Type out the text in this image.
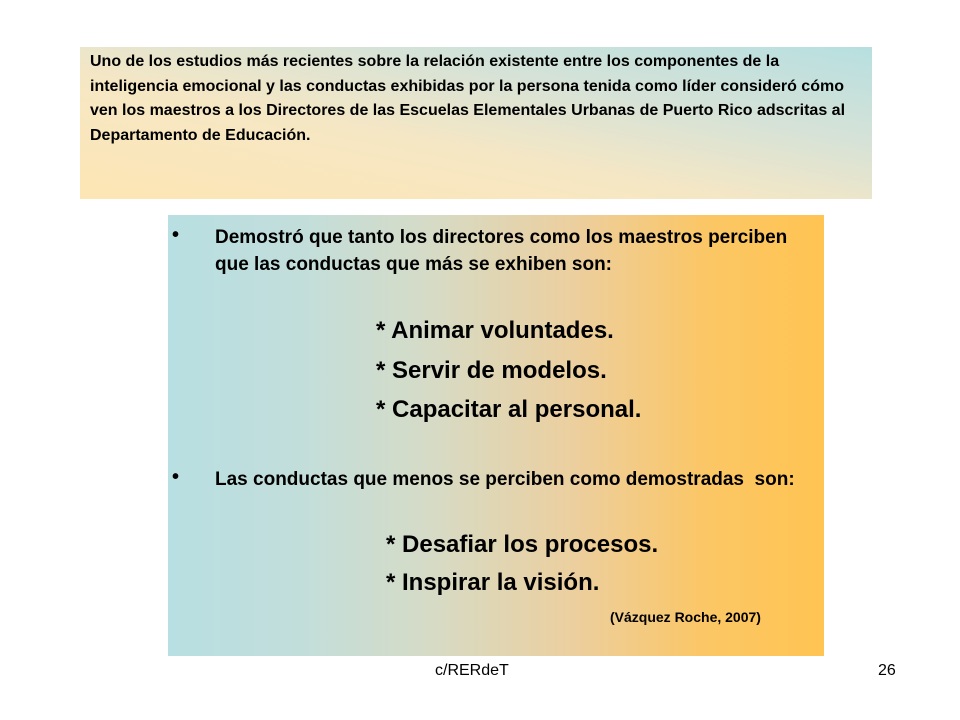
Uno de los estudios más recientes sobre la relación existente entre los componentes de la inteligencia emocional y las conductas exhibidas por la persona tenida como líder consideró cómo ven los maestros a los Directores de las Escuelas Elementales Urbanas de Puerto Rico adscritas al Departamento de Educación.

• Demostró que tanto los directores como los maestros perciben que las conductas que más se exhiben son:

* Animar voluntades.
* Servir de modelos.
* Capacitar al personal.
• Las conductas que menos se perciben como demostradas  son:

* Desafiar los procesos.
* Inspirar la visión.
(Vázquez Roche, 2007)
c/RERdeT	26
